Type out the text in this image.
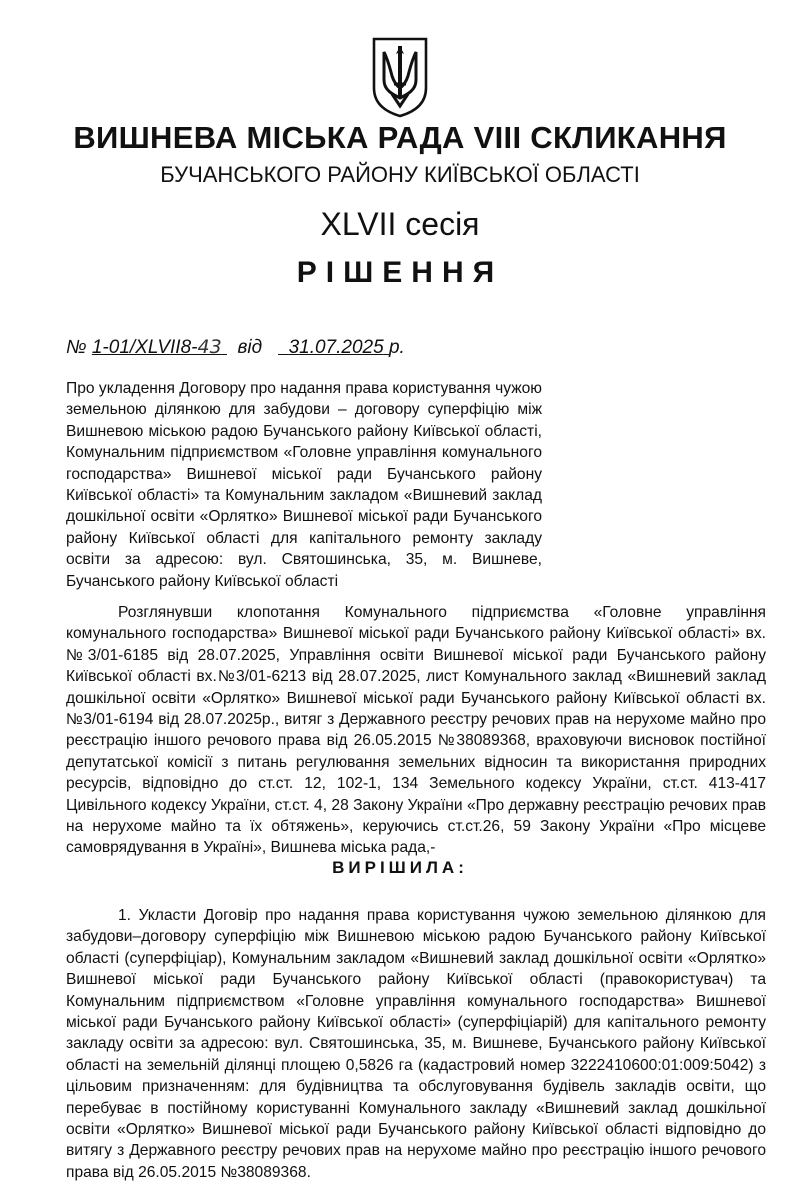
ВИШНЕВА МІСЬКА РАДА VIII СКЛИКАННЯ
БУЧАНСЬКОГО РАЙОНУ КИЇВСЬКОЇ ОБЛАСТІ
XLVII сесія
РІШЕННЯ
№ 1-01/XLVII8-43 від 31.07.2025 р.
Про укладення Договору про надання права користування чужою земельною ділянкою для забудови – договору суперфіцію між Вишневою міською радою Бучанського району Київської області, Комунальним підприємством «Головне управління комунального господарства» Вишневої міської ради Бучанського району Київської області» та Комунальним закладом «Вишневий заклад дошкільної освіти «Орлятко» Вишневої міської ради Бучанського району Київської області для капітального ремонту закладу освіти за адресою: вул. Святошинська, 35, м. Вишневе, Бучанського району Київської області
Розглянувши клопотання Комунального підприємства «Головне управління комунального господарства» Вишневої міської ради Бучанського району Київської області» вх.№3/01-6185 від 28.07.2025, Управління освіти Вишневої міської ради Бучанського району Київської області вх.№3/01-6213 від 28.07.2025, лист Комунального заклад «Вишневий заклад дошкільної освіти «Орлятко» Вишневої міської ради Бучанського району Київської області вх.№3/01-6194 від 28.07.2025р., витяг з Державного реєстру речових прав на нерухоме майно про реєстрацію іншого речового права від 26.05.2015 №38089368, враховуючи висновок постійної депутатської комісії з питань регулювання земельних відносин та використання природних ресурсів, відповідно до ст.ст. 12, 102-1, 134 Земельного кодексу України, ст.ст. 413-417 Цивільного кодексу України, ст.ст. 4, 28 Закону України «Про державну реєстрацію речових прав на нерухоме майно та їх обтяжень», керуючись ст.ст.26, 59 Закону України «Про місцеве самоврядування в Україні», Вишнева міська рада,-
ВИРІШИЛА:
1. Укласти Договір про надання права користування чужою земельною ділянкою для забудови–договору суперфіцію між Вишневою міською радою Бучанського району Київської області (суперфіціар), Комунальним закладом «Вишневий заклад дошкільної освіти «Орлятко» Вишневої міської ради Бучанського району Київської області (правокористувач) та Комунальним підприємством «Головне управління комунального господарства» Вишневої міської ради Бучанського району Київської області» (суперфіціарій) для капітального ремонту закладу освіти за адресою: вул. Святошинська, 35, м. Вишневе, Бучанського району Київської області на земельній ділянці площею 0,5826 га (кадастровий номер 3222410600:01:009:5042) з цільовим призначенням: для будівництва та обслуговування будівель закладів освіти, що перебуває в постійному користуванні Комунального закладу «Вишневий заклад дошкільної освіти «Орлятко» Вишневої міської ради Бучанського району Київської області відповідно до витягу з Державного реєстру речових прав на нерухоме майно про реєстрацію іншого речового права від 26.05.2015 №38089368.
